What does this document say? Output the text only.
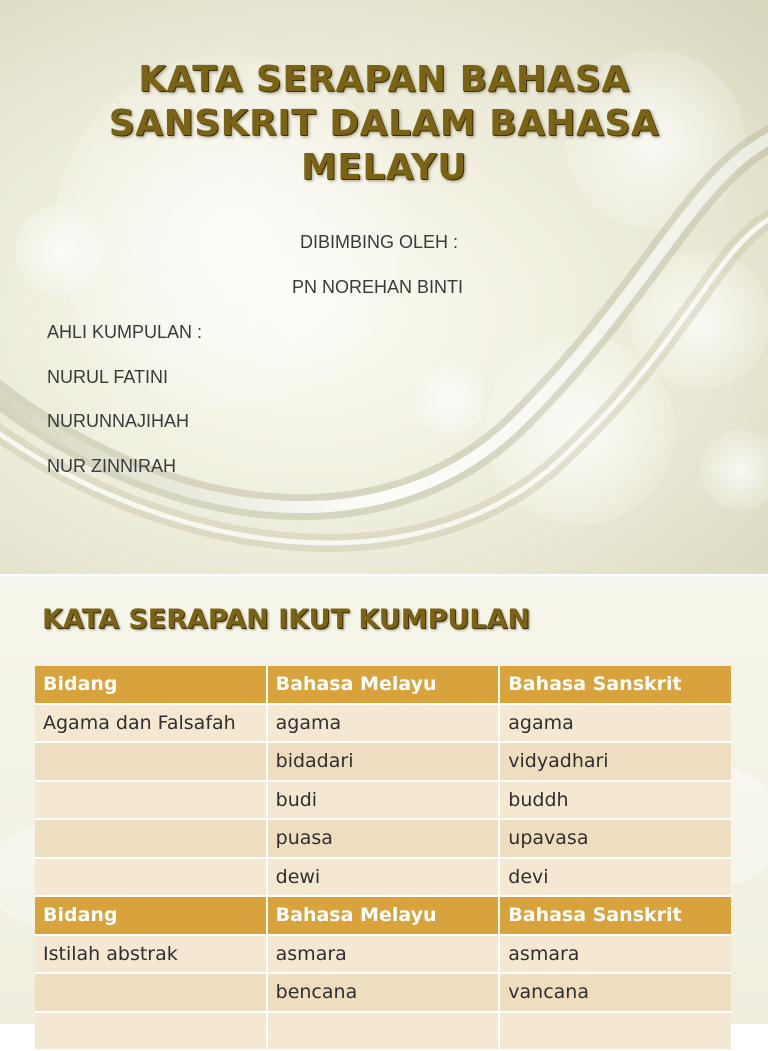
KATA SERAPAN BAHASA
SANSKRIT DALAM BAHASA
MELAYU

DIBIMBING OLEH :

PN NOREHAN BINTI

AHLI KUMPULAN :

NURUL FATINI

NURUNNAJIHAH

NUR ZINNIRAH

KATA SERAPAN IKUT KUMPULAN
Bidang	Bahasa Melayu	Bahasa Sanskrit
Agama dan Falsafah	agama	agama
	bidadari	vidyadhari
	budi	buddh
	puasa	upavasa
	dewi	devi
Bidang	Bahasa Melayu	Bahasa Sanskrit
Istilah abstrak	asmara	asmara
	bencana	vancana
